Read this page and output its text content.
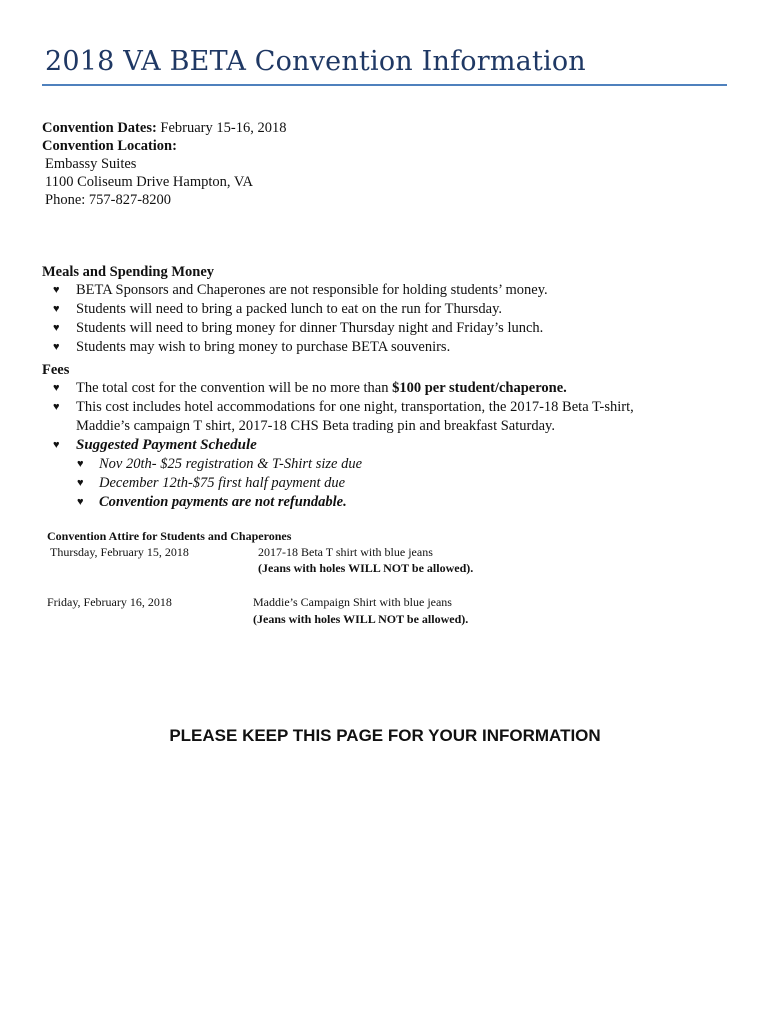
2018 VA BETA Convention Information
Convention Dates: February 15-16, 2018
Convention Location:
Embassy Suites
1100 Coliseum Drive Hampton, VA
Phone: 757-827-8200

Meals and Spending Money

♥ BETA Sponsors and Chaperones are not responsible for holding students’ money.
♥ Students will need to bring a packed lunch to eat on the run for Thursday.
♥ Students will need to bring money for dinner Thursday night and Friday’s lunch.
♥ Students may wish to bring money to purchase BETA souvenirs.

Fees

♥ The total cost for the convention will be no more than $100 per student/chaperone.
♥ This cost includes hotel accommodations for one night, transportation, the 2017-18 Beta T-shirt,
Maddie’s campaign T shirt, 2017-18 CHS Beta trading pin and breakfast Saturday.
♥ Suggested Payment Schedule
♥ Nov 20th- $25 registration & T-Shirt size due
♥ December 12th-$75 first half payment due
♥ Convention payments are not refundable.
Convention Attire for Students and Chaperones
Thursday, February 15, 2018	2017-18 Beta T shirt with blue jeans
(Jeans with holes WILL NOT be allowed).
Friday, February 16, 2018	Maddie’s Campaign Shirt with blue jeans
(Jeans with holes WILL NOT be allowed).

PLEASE KEEP THIS PAGE FOR YOUR INFORMATION
